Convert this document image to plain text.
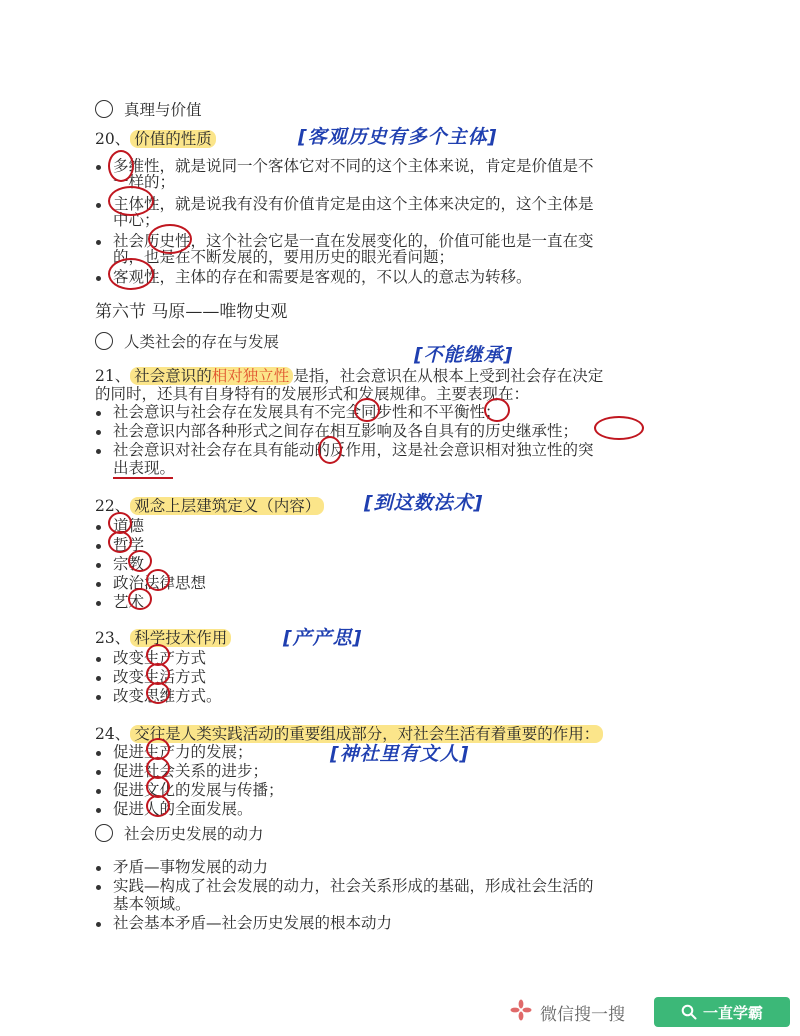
真理与价值
20、 价值的性质	[客观历史有多个主体]
多维性，就是说同一个客体它对不同的这个主体来说，肯定是价值是不
一样的；
主体性，就是说我有没有价值肯定是由这个主体来决定的，这个主体是
中心；
社会历史性，这个社会它是一直在发展变化的，价值可能也是一直在变
的，也是在不断发展的，要用历史的眼光看问题；
客观性，主体的存在和需要是客观的，不以人的意志为转移。
第六节 马原——唯物史观
人类社会的存在与发展
[不能继承]
21、 社会意识的相对独立性 是指，社会意识在从根本上受到社会存在决定
的同时，还具有自身特有的发展形式和发展规律。主要表现在：
社会意识与社会存在发展具有不完全同步性和不平衡性；
社会意识内部各种形式之间存在相互影响及各自具有的历史继承性；
社会意识对社会存在具有能动的反作用，这是社会意识相对独立性的突
出表现。
22、 观念上层建筑定义（内容） [到这数法术]
道德
哲学
宗教
政治法律思想
艺术
23、 科学技术作用	[产产思]
改变生产方式
改变生活方式
改变思维方式。
24、 交往是人类实践活动的重要组成部分，对社会生活有着重要的作用：
[神社里有文人]
促进生产力的发展；
促进社会关系的进步；
促进文化的发展与传播；
促进人的全面发展。
社会历史发展的动力
矛盾—事物发展的动力
实践—构成了社会发展的动力，社会关系形成的基础，形成社会生活的
基本领域。
社会基本矛盾—社会历史发展的根本动力
微信搜一搜	一直学霸
